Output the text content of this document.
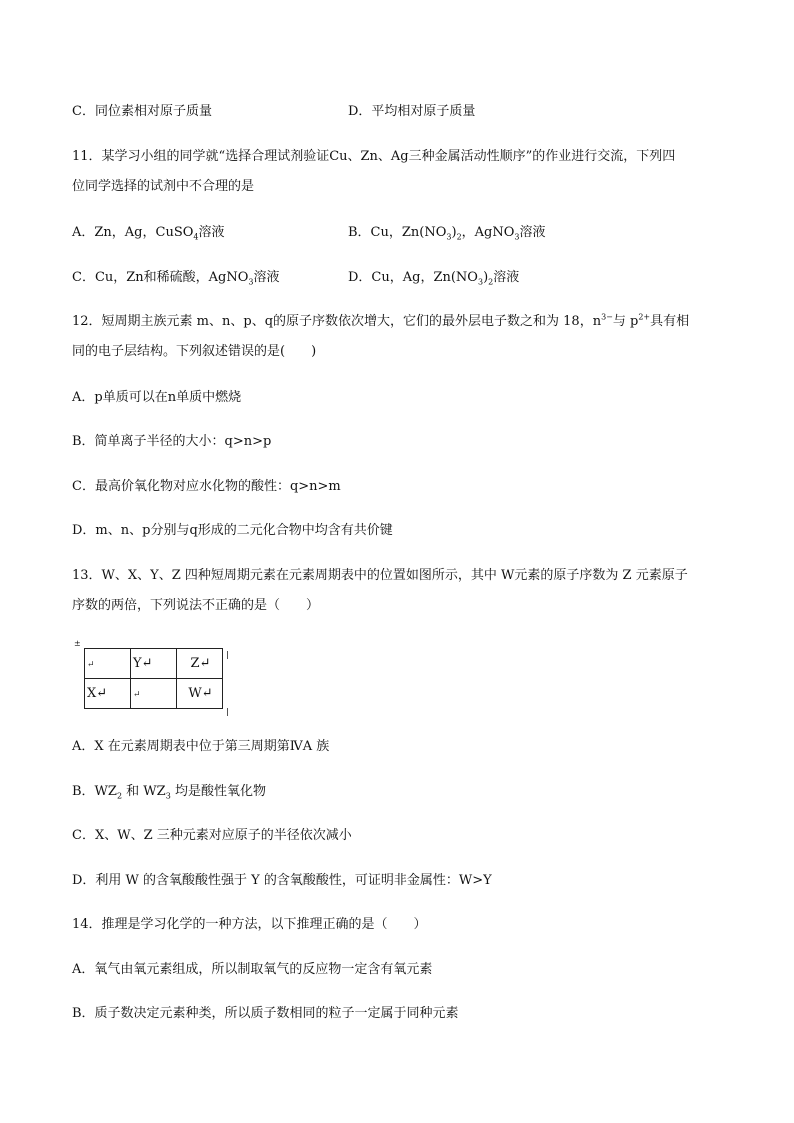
C．同位素相对原子质量	D．平均相对原子质量
11．某学习小组的同学就“选择合理试剂验证Cu、Zn、Ag三种金属活动性顺序”的作业进行交流，下列四
位同学选择的试剂中不合理的是
A．Zn，Ag，CuSO$_4$溶液	B．Cu，$Zn(NO_3)_2$，AgNO$_3$溶液
C．Cu，Zn和稀硫酸，AgNO$_3$溶液	D．Cu，Ag，$Zn(NO_3)_2$溶液
12．短周期主族元素 m、n、p、q的原子序数依次增大，它们的最外层电子数之和为 18，$n^{3-}$与 $p^{2+}$具有相
同的电子层结构。下列叙述错误的是(　　)
A．p单质可以在n单质中燃烧
B．简单离子半径的大小：q>n>p
C．最高价氧化物对应水化物的酸性：q>n>m
D．m、n、p分别与q形成的二元化合物中均含有共价键
13．W、X、Y、Z 四种短周期元素在元素周期表中的位置如图所示，其中 W元素的原子序数为 Z 元素原子
序数的两倍，下列说法不正确的是（　　）
±
↵	Y↵	Z↵
X↵	↵	W↵
A．X 在元素周期表中位于第三周期第ⅣA 族
B．$WZ_2$ 和 $WZ_3$ 均是酸性氧化物
C．X、W、Z 三种元素对应原子的半径依次减小
D．利用 W 的含氧酸酸性强于 Y 的含氧酸酸性，可证明非金属性：W>Y
14．推理是学习化学的一种方法，以下推理正确的是（　　）
A．氧气由氧元素组成，所以制取氧气的反应物一定含有氧元素
B．质子数决定元素种类，所以质子数相同的粒子一定属于同种元素
